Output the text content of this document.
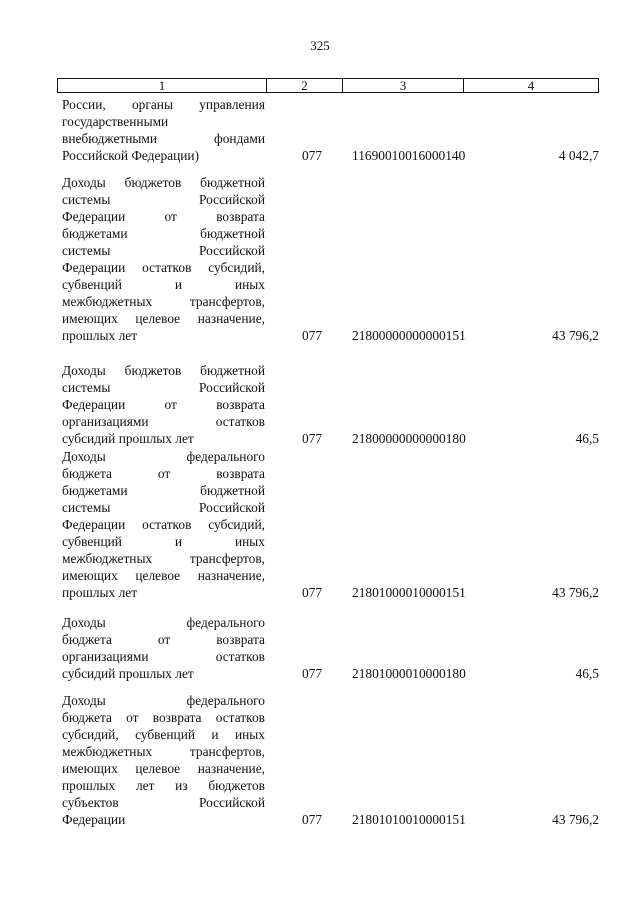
325
1	2	3	4
России, органы управления
государственными
внебюджетными фондами
Российской Федерации)	077	11690010016000140	4 042,7
Доходы бюджетов бюджетной
системы Российской
Федерации от возврата
бюджетами бюджетной
системы Российской
Федерации остатков субсидий,
субвенций и иных
межбюджетных трансфертов,
имеющих целевое назначение,
прошлых лет	077	21800000000000151	43 796,2
Доходы бюджетов бюджетной
системы Российской
Федерации от возврата
организациями остатков
субсидий прошлых лет	077	21800000000000180	46,5
Доходы федерального
бюджета от возврата
бюджетами бюджетной
системы Российской
Федерации остатков субсидий,
субвенций и иных
межбюджетных трансфертов,
имеющих целевое назначение,
прошлых лет	077	21801000010000151	43 796,2
Доходы федерального
бюджета от возврата
организациями остатков
субсидий прошлых лет	077	21801000010000180	46,5
Доходы федерального
бюджета от возврата остатков
субсидий, субвенций и иных
межбюджетных трансфертов,
имеющих целевое назначение,
прошлых лет из бюджетов
субъектов Российской
Федерации	077	21801010010000151	43 796,2
